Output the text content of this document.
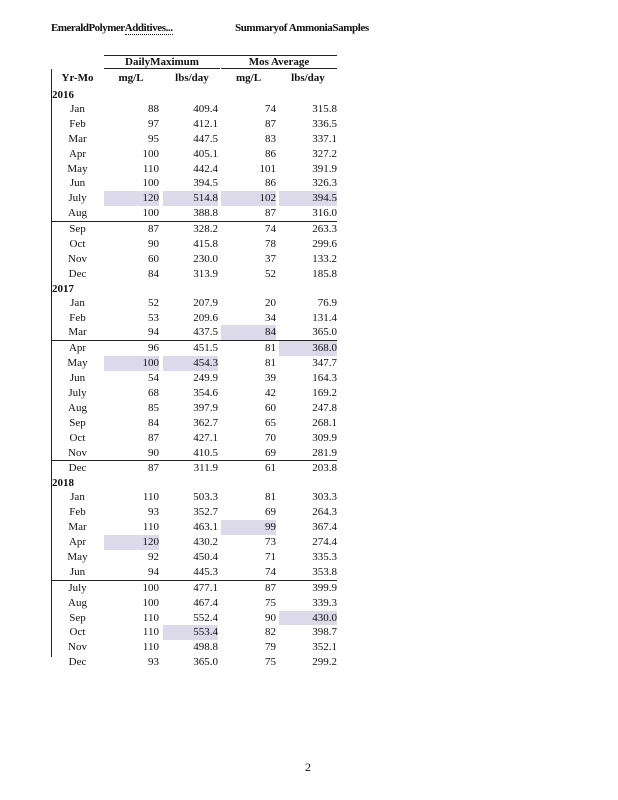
EmeraldPolymerAdditives...	Summaryof AmmoniaSamples
DailyMaximum	Mos Average
Yr-Mo	mg/L	lbs/day	mg/L	lbs/day
2016
Jan	88	409.4	74	315.8
Feb	97	412.1	87	336.5
Mar	95	447.5	83	337.1
Apr	100	405.1	86	327.2
May	110	442.4	101	391.9
Jun	100	394.5	86	326.3
July	120	514.8	102	394.5
Aug	100	388.8	87	316.0
Sep	87	328.2	74	263.3
Oct	90	415.8	78	299.6
Nov	60	230.0	37	133.2
Dec	84	313.9	52	185.8
2017
Jan	52	207.9	20	76.9
Feb	53	209.6	34	131.4
Mar	94	437.5	84	365.0
Apr	96	451.5	81	368.0
May	100	454.3	81	347.7
Jun	54	249.9	39	164.3
July	68	354.6	42	169.2
Aug	85	397.9	60	247.8
Sep	84	362.7	65	268.1
Oct	87	427.1	70	309.9
Nov	90	410.5	69	281.9
Dec	87	311.9	61	203.8
2018
Jan	110	503.3	81	303.3
Feb	93	352.7	69	264.3
Mar	110	463.1	99	367.4
Apr	120	430.2	73	274.4
May	92	450.4	71	335.3
Jun	94	445.3	74	353.8
July	100	477.1	87	399.9
Aug	100	467.4	75	339.3
Sep	110	552.4	90	430.0
Oct	110	553.4	82	398.7
Nov	110	498.8	79	352.1
Dec	93	365.0	75	299.2
2
